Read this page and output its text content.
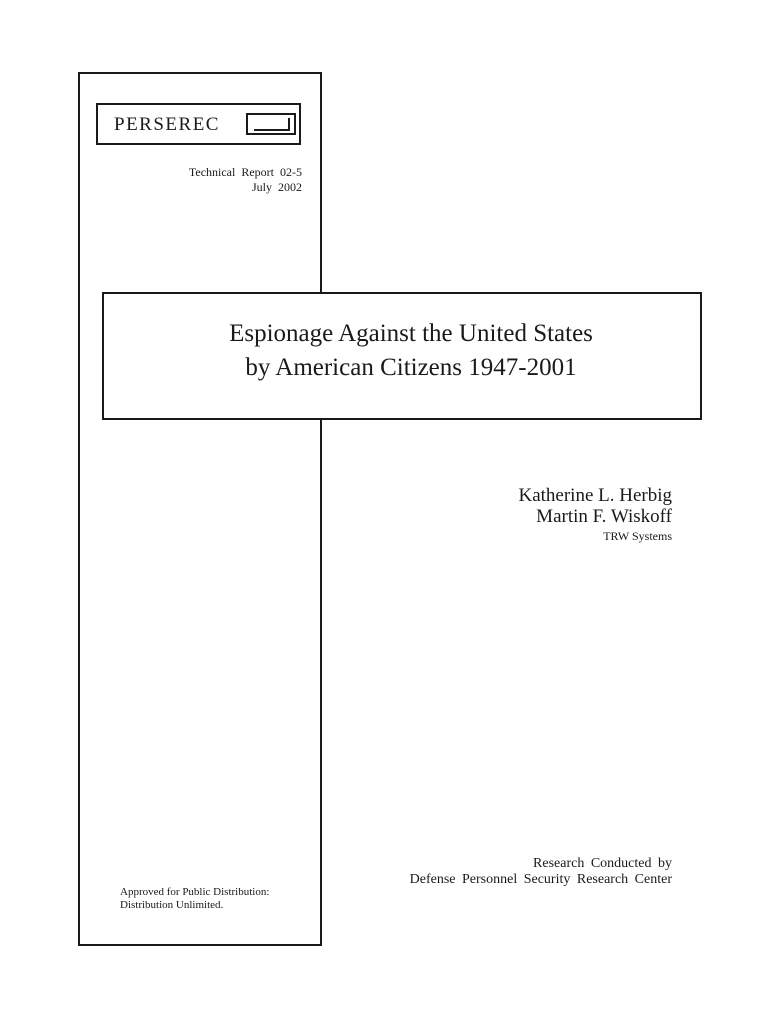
PERSEREC
Technical Report 02-5
July 2002
Espionage Against the United States
by American Citizens 1947-2001
Katherine L. Herbig
Martin F. Wiskoff
TRW Systems
Research Conducted by
Defense Personnel Security Research Center
Approved for Public Distribution:
Distribution Unlimited.
